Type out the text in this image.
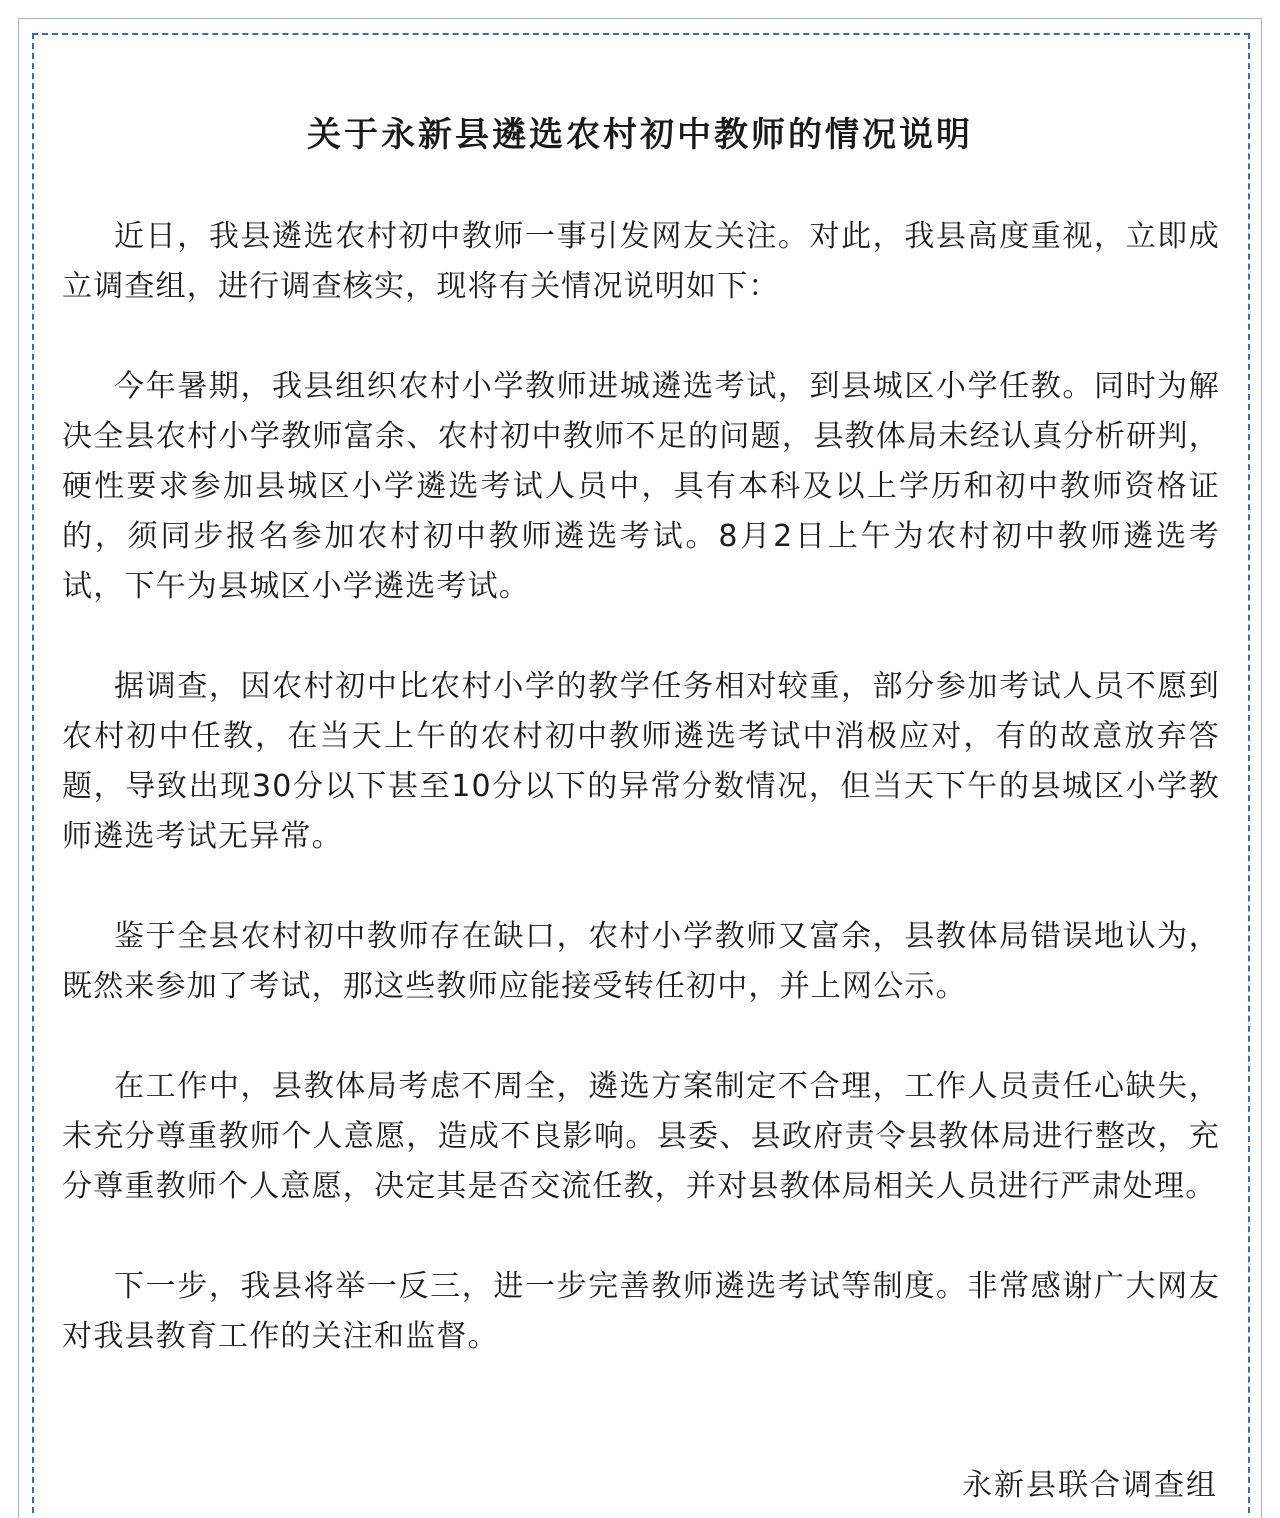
关于永新县遴选农村初中教师的情况说明

近日，我县遴选农村初中教师一事引发网友关注。对此，我县高度重视，立即成立调查组，进行调查核实，现将有关情况说明如下：

今年暑期，我县组织农村小学教师进城遴选考试，到县城区小学任教。同时为解决全县农村小学教师富余、农村初中教师不足的问题，县教体局未经认真分析研判，硬性要求参加县城区小学遴选考试人员中，具有本科及以上学历和初中教师资格证的，须同步报名参加农村初中教师遴选考试。8月2日上午为农村初中教师遴选考试，下午为县城区小学遴选考试。

据调查，因农村初中比农村小学的教学任务相对较重，部分参加考试人员不愿到农村初中任教，在当天上午的农村初中教师遴选考试中消极应对，有的故意放弃答题，导致出现30分以下甚至10分以下的异常分数情况，但当天下午的县城区小学教师遴选考试无异常。

鉴于全县农村初中教师存在缺口，农村小学教师又富余，县教体局错误地认为，既然来参加了考试，那这些教师应能接受转任初中，并上网公示。

在工作中，县教体局考虑不周全，遴选方案制定不合理，工作人员责任心缺失，未充分尊重教师个人意愿，造成不良影响。县委、县政府责令县教体局进行整改，充分尊重教师个人意愿，决定其是否交流任教，并对县教体局相关人员进行严肃处理。

下一步，我县将举一反三，进一步完善教师遴选考试等制度。非常感谢广大网友对我县教育工作的关注和监督。

永新县联合调查组
